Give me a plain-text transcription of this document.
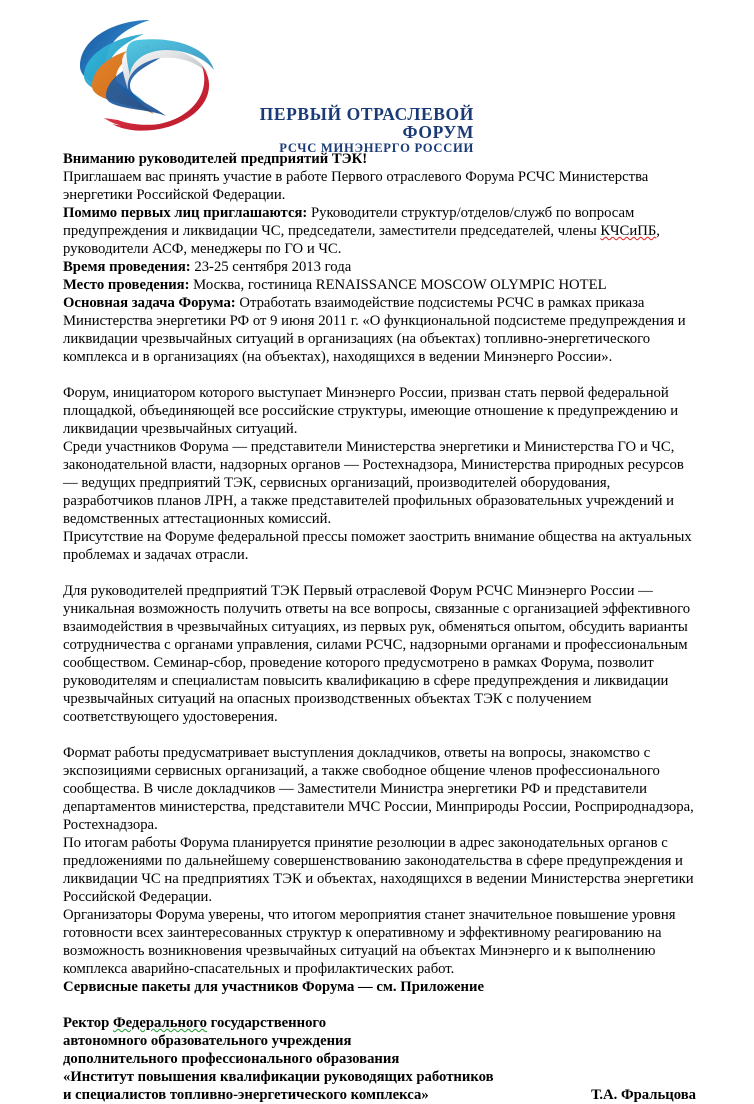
ПЕРВЫЙ ОТРАСЛЕВОЙ
ФОРУМ
РСЧС МИНЭНЕРГО РОССИИ

Вниманию руководителей предприятий ТЭК!

Приглашаем вас принять участие в работе Первого отраслевого Форума РСЧС Министерства энергетики Российской Федерации.

Помимо первых лиц приглашаются: Руководители структур/отделов/служб по вопросам предупреждения и ликвидации ЧС, председатели, заместители председателей, члены КЧСиПБ, руководители АСФ, менеджеры по ГО и ЧС.

Время проведения: 23-25 сентября 2013 года

Место проведения: Москва, гостиница RENAISSANCE MOSCOW OLYMPIC HOTEL

Основная задача Форума: Отработать взаимодействие подсистемы РСЧС в рамках приказа Министерства энергетики РФ от 9 июня 2011 г. «О функциональной подсистеме предупреждения и ликвидации чрезвычайных ситуаций в организациях (на объектах) топливно-энергетического комплекса и в организациях (на объектах), находящихся в ведении Минэнерго России».

Форум, инициатором которого выступает Минэнерго России, призван стать первой федеральной площадкой, объединяющей все российские структуры, имеющие отношение к предупреждению и ликвидации чрезвычайных ситуаций.

Среди участников Форума — представители Министерства энергетики и Министерства ГО и ЧС, законодательной власти, надзорных органов — Ростехнадзора, Министерства природных ресурсов — ведущих предприятий ТЭК, сервисных организаций, производителей оборудования, разработчиков планов ЛРН, а также представителей профильных образовательных учреждений и ведомственных аттестационных комиссий.

Присутствие на Форуме федеральной прессы поможет заострить внимание общества на актуальных проблемах и задачах отрасли.

Для руководителей предприятий ТЭК Первый отраслевой Форум РСЧС Минэнерго России — уникальная возможность получить ответы на все вопросы, связанные с организацией эффективного взаимодействия в чрезвычайных ситуациях, из первых рук, обменяться опытом, обсудить варианты сотрудничества с органами управления, силами РСЧС, надзорными органами и профессиональным сообществом. Семинар-сбор, проведение которого предусмотрено в рамках Форума, позволит руководителям и специалистам повысить квалификацию в сфере предупреждения и ликвидации чрезвычайных ситуаций на опасных производственных объектах ТЭК с получением соответствующего удостоверения.

Формат работы предусматривает выступления докладчиков, ответы на вопросы, знакомство с экспозициями сервисных организаций, а также свободное общение членов профессионального сообщества. В числе докладчиков — Заместители Министра энергетики РФ и представители департаментов министерства, представители МЧС России, Минприроды России, Росприроднадзора, Ростехнадзора.

По итогам работы Форума планируется принятие резолюции в адрес законодательных органов с предложениями по дальнейшему совершенствованию законодательства в сфере предупреждения и ликвидации ЧС на предприятиях ТЭК и объектах, находящихся в ведении Министерства энергетики Российской Федерации.

Организаторы Форума уверены, что итогом мероприятия станет значительное повышение уровня готовности всех заинтересованных структур к оперативному и эффективному реагированию на возможность возникновения чрезвычайных ситуаций на объектах Минэнерго и к выполнению комплекса аварийно-спасательных и профилактических работ.

Сервисные пакеты для участников Форума — см. Приложение

Ректор Федерального государственного

автономного образовательного учреждения

дополнительного профессионального образования

«Институт повышения квалификации руководящих работников

и специалистов топливно-энергетического комплекса»	Т.А. Фральцова
